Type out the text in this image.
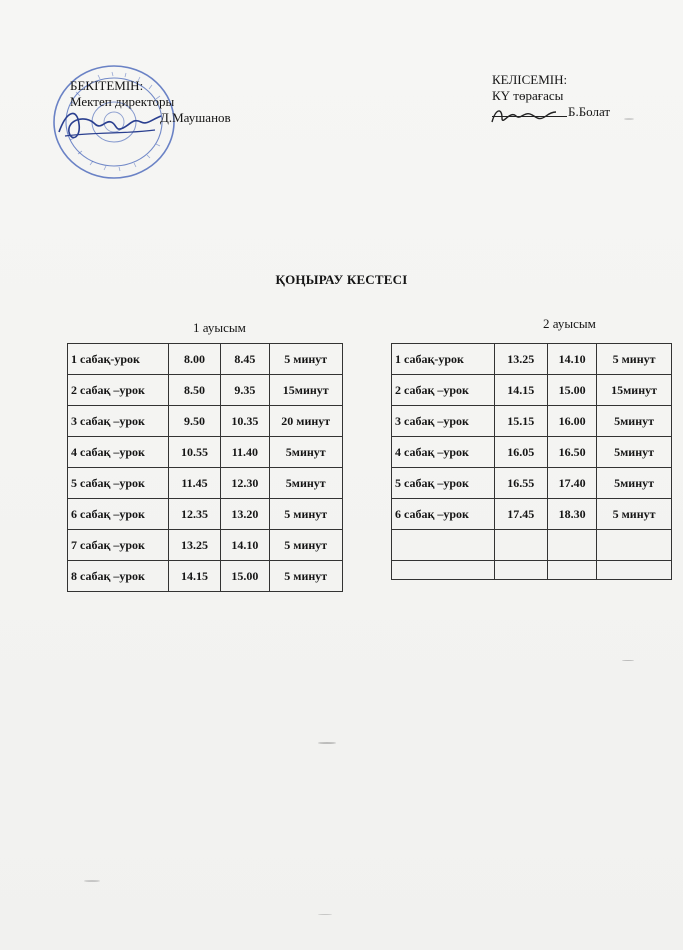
БЕКІТЕМІН:
Мектеп директоры
Д.Маушанов
КЕЛІСЕМІН:
КҮ төрағасы
Б.Болат
ҚОҢЫРАУ КЕСТЕСІ
1 ауысым	2 ауысым
1 сабақ-урок	8.00	8.45	5 минут
2 сабақ –урок	8.50	9.35	15минут
3 сабақ –урок	9.50	10.35	20 минут
4 сабақ –урок	10.55	11.40	5минут
5 сабақ –урок	11.45	12.30	5минут
6 сабақ –урок	12.35	13.20	5 минут
7 сабақ –урок	13.25	14.10	5 минут
8 сабақ –урок	14.15	15.00	5 минут
1 сабақ-урок	13.25	14.10	5 минут
2 сабақ –урок	14.15	15.00	15минут
3 сабақ –урок	15.15	16.00	5минут
4 сабақ –урок	16.05	16.50	5минут
5 сабақ –урок	16.55	17.40	5минут
6 сабақ –урок	17.45	18.30	5 минут
